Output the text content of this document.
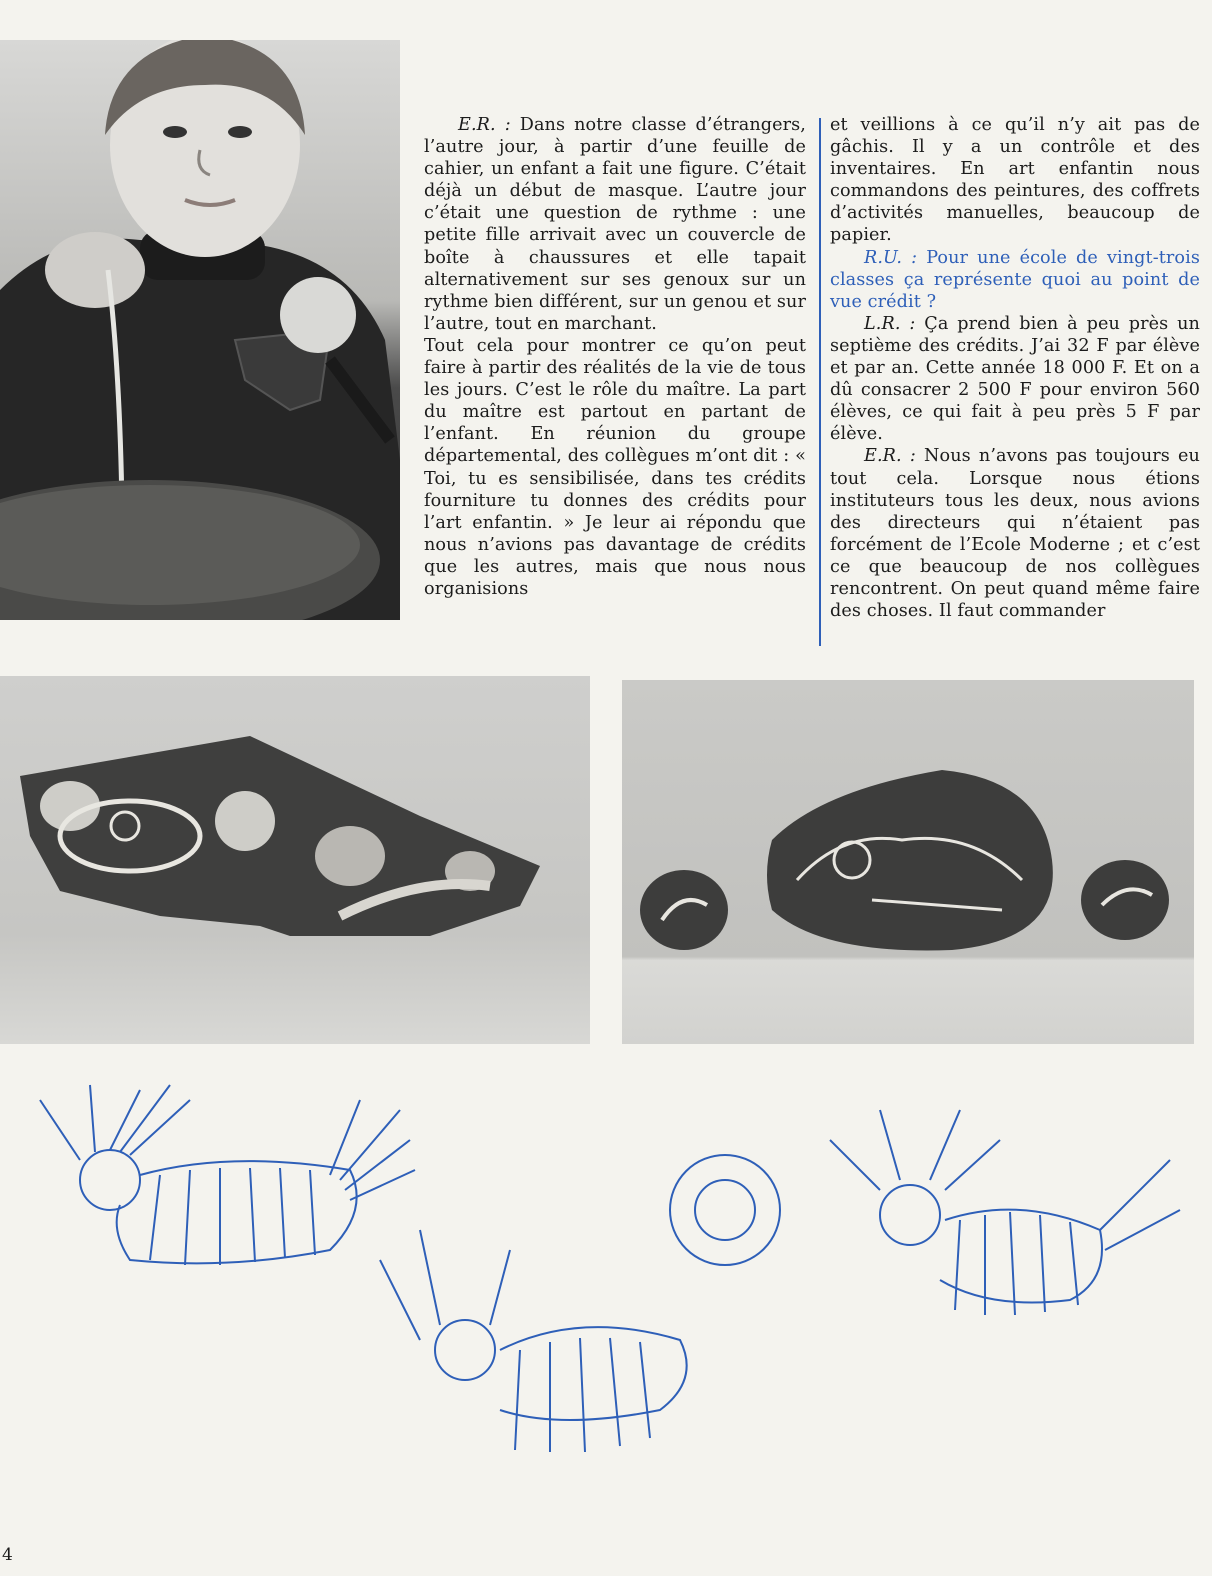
E.R. : Dans notre classe d’étrangers, l’autre jour, à partir d’une feuille de cahier, un enfant a fait une figure. C’était déjà un début de masque. L’autre jour c’était une question de rythme : une petite fille arrivait avec un couvercle de boîte à chaussures et elle tapait alternativement sur ses genoux sur un rythme bien différent, sur un genou et sur l’autre, tout en marchant.

Tout cela pour montrer ce qu’on peut faire à partir des réalités de la vie de tous les jours. C’est le rôle du maître. La part du maître est partout en partant de l’enfant. En réunion du groupe départemental, des collègues m’ont dit : « Toi, tu es sensibilisée, dans tes crédits fourniture tu donnes des crédits pour l’art enfantin. » Je leur ai répondu que nous n’avions pas davantage de crédits que les autres, mais que nous nous organisions

et veillions à ce qu’il n’y ait pas de gâchis. Il y a un contrôle et des inventaires. En art enfantin nous commandons des peintures, des coffrets d’activités manuelles, beaucoup de papier.

R.U. : Pour une école de vingt-trois classes ça représente quoi au point de vue crédit ?

L.R. : Ça prend bien à peu près un septième des crédits. J’ai 32 F par élève et par an. Cette année 18 000 F. Et on a dû consacrer 2 500 F pour environ 560 élèves, ce qui fait à peu près 5 F par élève.

E.R. : Nous n’avons pas toujours eu tout cela. Lorsque nous étions instituteurs tous les deux, nous avions des directeurs qui n’étaient pas forcément de l’Ecole Moderne ; et c’est ce que beaucoup de nos collègues rencontrent. On peut quand même faire des choses. Il faut commander

4
